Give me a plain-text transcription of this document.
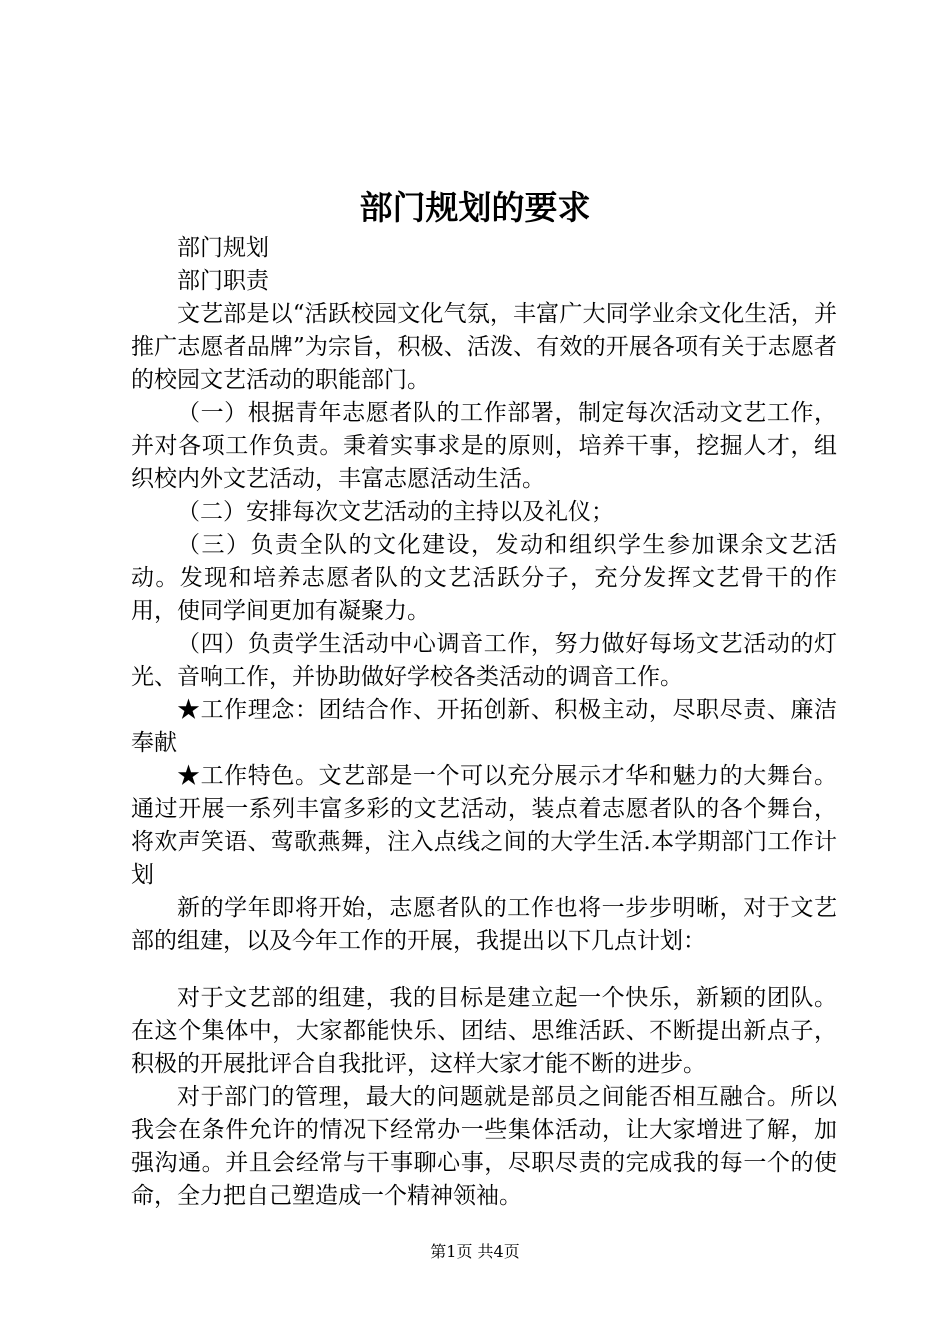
部门规划的要求

部门规划

部门职责

文艺部是以“活跃校园文化气氛，丰富广大同学业余文化生活，并推广志愿者品牌”为宗旨，积极、活泼、有效的开展各项有关于志愿者的校园文艺活动的职能部门。

（一）根据青年志愿者队的工作部署，制定每次活动文艺工作，并对各项工作负责。秉着实事求是的原则，培养干事，挖掘人才，组织校内外文艺活动，丰富志愿活动生活。

（二）安排每次文艺活动的主持以及礼仪；

（三）负责全队的文化建设，发动和组织学生参加课余文艺活动。发现和培养志愿者队的文艺活跃分子，充分发挥文艺骨干的作用，使同学间更加有凝聚力。

（四）负责学生活动中心调音工作，努力做好每场文艺活动的灯光、音响工作，并协助做好学校各类活动的调音工作。

★工作理念：团结合作、开拓创新、积极主动，尽职尽责、廉洁奉献

★工作特色。文艺部是一个可以充分展示才华和魅力的大舞台。通过开展一系列丰富多彩的文艺活动，装点着志愿者队的各个舞台，将欢声笑语、莺歌燕舞，注入点线之间的大学生活.本学期部门工作计划

新的学年即将开始，志愿者队的工作也将一步步明晰，对于文艺部的组建，以及今年工作的开展，我提出以下几点计划：

对于文艺部的组建，我的目标是建立起一个快乐，新颖的团队。在这个集体中，大家都能快乐、团结、思维活跃、不断提出新点子，积极的开展批评合自我批评，这样大家才能不断的进步。

对于部门的管理，最大的问题就是部员之间能否相互融合。所以我会在条件允许的情况下经常办一些集体活动，让大家增进了解，加强沟通。并且会经常与干事聊心事，尽职尽责的完成我的每一个的使命，全力把自己塑造成一个精神领袖。

第1页 共4页
